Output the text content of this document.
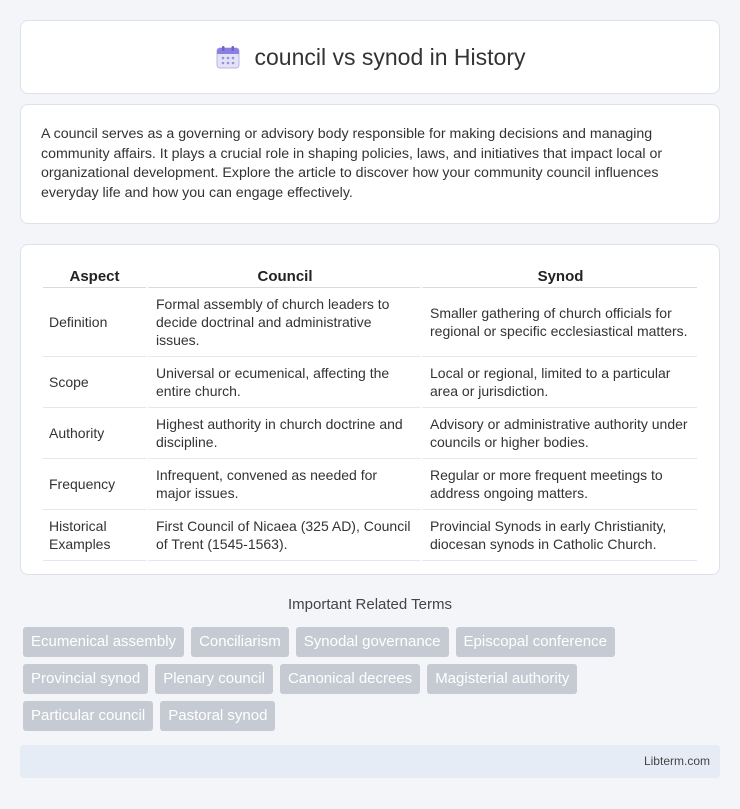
council vs synod in History

A council serves as a governing or advisory body responsible for making decisions and managing community affairs. It plays a crucial role in shaping policies, laws, and initiatives that impact local or organizational development. Explore the article to discover how your community council influences everyday life and how you can engage effectively.

Aspect	Council	Synod
Definition	Formal assembly of church leaders to decide doctrinal and administrative issues.	Smaller gathering of church officials for regional or specific ecclesiastical matters.
Scope	Universal or ecumenical, affecting the entire church.	Local or regional, limited to a particular area or jurisdiction.
Authority	Highest authority in church doctrine and discipline.	Advisory or administrative authority under councils or higher bodies.
Frequency	Infrequent, convened as needed for major issues.	Regular or more frequent meetings to address ongoing matters.
Historical Examples	First Council of Nicaea (325 AD), Council of Trent (1545-1563).	Provincial Synods in early Christianity, diocesan synods in Catholic Church.
Important Related Terms
Ecumenical assembly	Conciliarism	Synodal governance	Episcopal conference
Provincial synod	Plenary council	Canonical decrees	Magisterial authority
Particular council	Pastoral synod
Libterm.com
